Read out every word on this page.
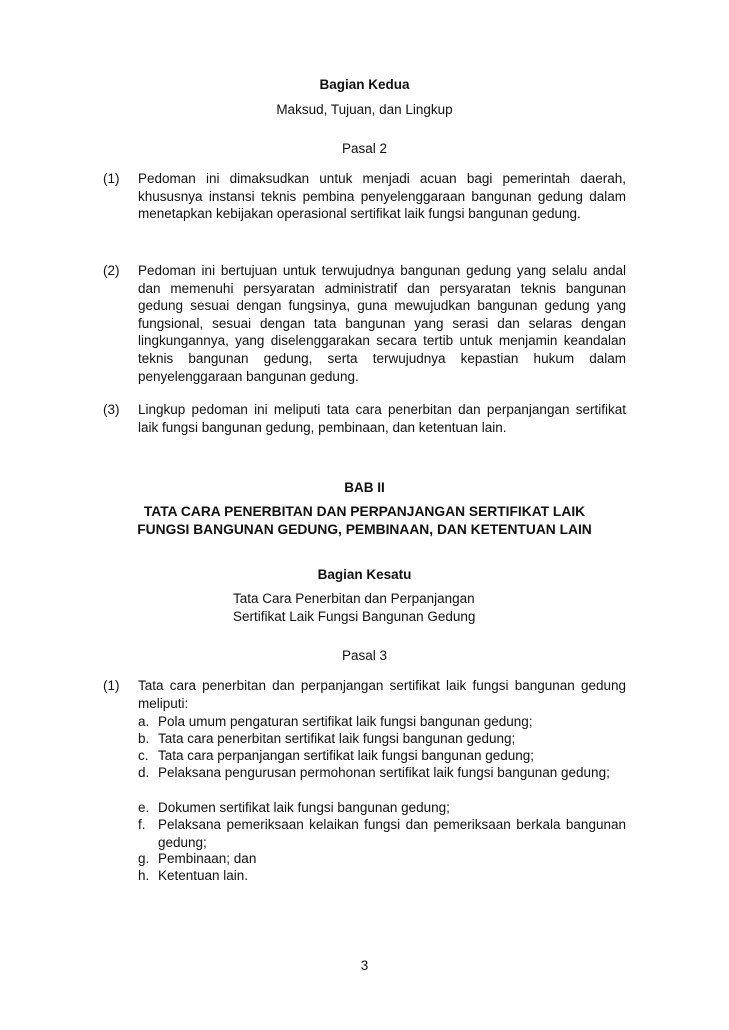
Bagian Kedua

Maksud, Tujuan, dan Lingkup

Pasal 2

(1) Pedoman ini dimaksudkan untuk menjadi acuan bagi pemerintah daerah, khususnya instansi teknis pembina penyelenggaraan bangunan gedung dalam menetapkan kebijakan operasional sertifikat laik fungsi bangunan gedung.

(2) Pedoman ini bertujuan untuk terwujudnya bangunan gedung yang selalu andal dan memenuhi persyaratan administratif dan persyaratan teknis bangunan gedung sesuai dengan fungsinya, guna mewujudkan bangunan gedung yang fungsional, sesuai dengan tata bangunan yang serasi dan selaras dengan lingkungannya, yang diselenggarakan secara tertib untuk menjamin keandalan teknis bangunan gedung, serta terwujudnya kepastian hukum dalam penyelenggaraan bangunan gedung.

(3) Lingkup pedoman ini meliputi tata cara penerbitan dan perpanjangan sertifikat laik fungsi bangunan gedung, pembinaan, dan ketentuan lain.

BAB II

TATA CARA PENERBITAN DAN PERPANJANGAN SERTIFIKAT LAIK

FUNGSI BANGUNAN GEDUNG, PEMBINAAN, DAN KETENTUAN LAIN

Bagian Kesatu

Tata Cara Penerbitan dan Perpanjangan

Sertifikat Laik Fungsi Bangunan Gedung

Pasal 3

(1) Tata cara penerbitan dan perpanjangan sertifikat laik fungsi bangunan gedung meliputi:

a. Pola umum pengaturan sertifikat laik fungsi bangunan gedung;

b. Tata cara penerbitan sertifikat laik fungsi bangunan gedung;

c. Tata cara perpanjangan sertifikat laik fungsi bangunan gedung;

d. Pelaksana pengurusan permohonan sertifikat laik fungsi bangunan gedung;

e. Dokumen sertifikat laik fungsi bangunan gedung;

f. Pelaksana pemeriksaan kelaikan fungsi dan pemeriksaan berkala bangunan gedung;

g. Pembinaan; dan

h. Ketentuan lain.

3
